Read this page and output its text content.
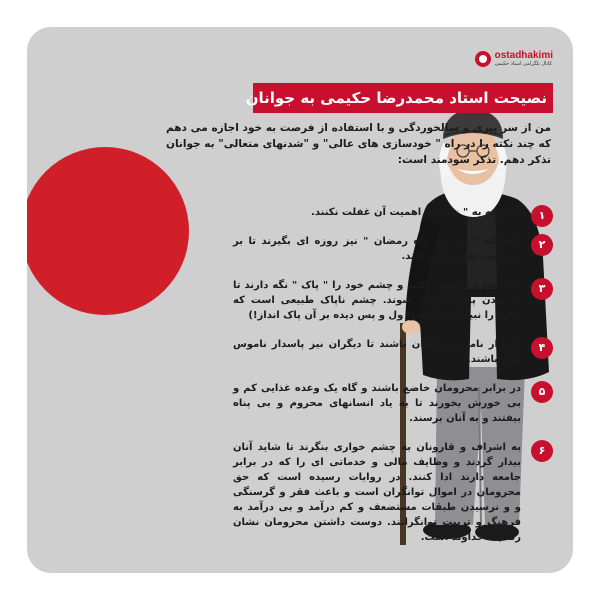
ostadhakimi
کانال تلگرامی استاد حکیمی
نصیحت استاد محمدرضا حکیمی به جوانان

من از سر پیری و سالخوردگی و با استفاده از فرصت به خود اجازه می دهم که چند نکته را در راه " خودسازی های عالی" و "شدنهای متعالی" به جوانان تذکر دهم. تذکر سودمند است:

۱

از توجه به " نماز" و اهمیت آن غفلت نکنند.

۲

گاه گاه " در غیر ماه رمضان " نیز روزه ای بگیرند تا بر حیوانیت نفس غلبه کنند.

۳

به نامحرم توجهی نکنند و چشم خود را " پاک " نگه دارند تا به دیدن پاکها موفق شوند. چشم ناپاک طبیعی است که پاکها را نبیند. (پاک شوا ول و پس دیده بر آن پاک انداز!)

۴

پاسدار ناموس دیگران باشند تا دیگران نیز پاسدار ناموس آنان باشند.

۵

در برابر محرومان خاضع باشند و گاه یک وعده غذایی کم و بی خورش بخورند تا به یاد انسانهای محروم و بی پناه بیفتند و به آنان برسند.

۶

به اشراف و قارونان به چشم خواری بنگرند تا شاید آنان بیدار گردند و وظایف مالی و خدماتی ای را که در برابر جامعه دارند ادا کنند. در روایات رسیده است که حق محرومان در اموال توانگران است و باعث فقر و گرسنگی و و نرسیدن طبقات مستضعف و کم درآمد و بی درآمد به فرهنگ و تربیت توانگرانند. دوست داشتن محرومان نشان رضایت خداوند است.
